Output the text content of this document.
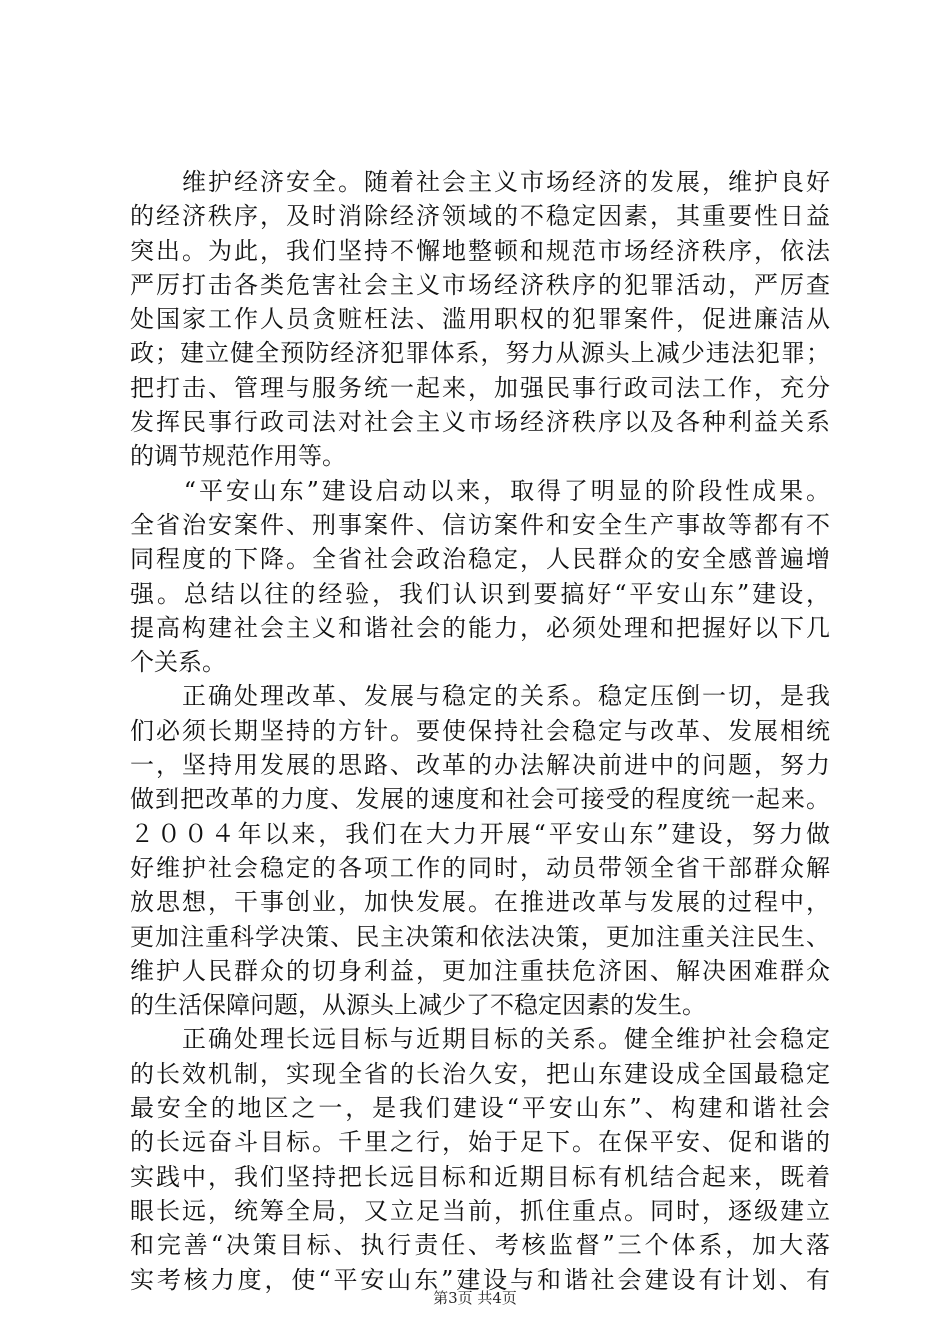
　　维护经济安全。随着社会主义市场经济的发展，维护良好
的经济秩序，及时消除经济领域的不稳定因素，其重要性日益
突出。为此，我们坚持不懈地整顿和规范市场经济秩序，依法
严厉打击各类危害社会主义市场经济秩序的犯罪活动，严厉查
处国家工作人员贪赃枉法、滥用职权的犯罪案件，促进廉洁从
政；建立健全预防经济犯罪体系，努力从源头上减少违法犯罪；
把打击、管理与服务统一起来，加强民事行政司法工作，充分
发挥民事行政司法对社会主义市场经济秩序以及各种利益关系
的调节规范作用等。
　　“平安山东”建设启动以来，取得了明显的阶段性成果。
全省治安案件、刑事案件、信访案件和安全生产事故等都有不
同程度的下降。全省社会政治稳定，人民群众的安全感普遍增
强。总结以往的经验，我们认识到要搞好“平安山东”建设，
提高构建社会主义和谐社会的能力，必须处理和把握好以下几
个关系。
　　正确处理改革、发展与稳定的关系。稳定压倒一切，是我
们必须长期坚持的方针。要使保持社会稳定与改革、发展相统
一，坚持用发展的思路、改革的办法解决前进中的问题，努力
做到把改革的力度、发展的速度和社会可接受的程度统一起来。
２００４年以来，我们在大力开展“平安山东”建设，努力做
好维护社会稳定的各项工作的同时，动员带领全省干部群众解
放思想，干事创业，加快发展。在推进改革与发展的过程中，
更加注重科学决策、民主决策和依法决策，更加注重关注民生、
维护人民群众的切身利益，更加注重扶危济困、解决困难群众
的生活保障问题，从源头上减少了不稳定因素的发生。
　　正确处理长远目标与近期目标的关系。健全维护社会稳定
的长效机制，实现全省的长治久安，把山东建设成全国最稳定
最安全的地区之一，是我们建设“平安山东”、构建和谐社会
的长远奋斗目标。千里之行，始于足下。在保平安、促和谐的
实践中，我们坚持把长远目标和近期目标有机结合起来，既着
眼长远，统筹全局，又立足当前，抓住重点。同时，逐级建立
和完善“决策目标、执行责任、考核监督”三个体系，加大落
实考核力度，使“平安山东”建设与和谐社会建设有计划、有
第3页 共4页
